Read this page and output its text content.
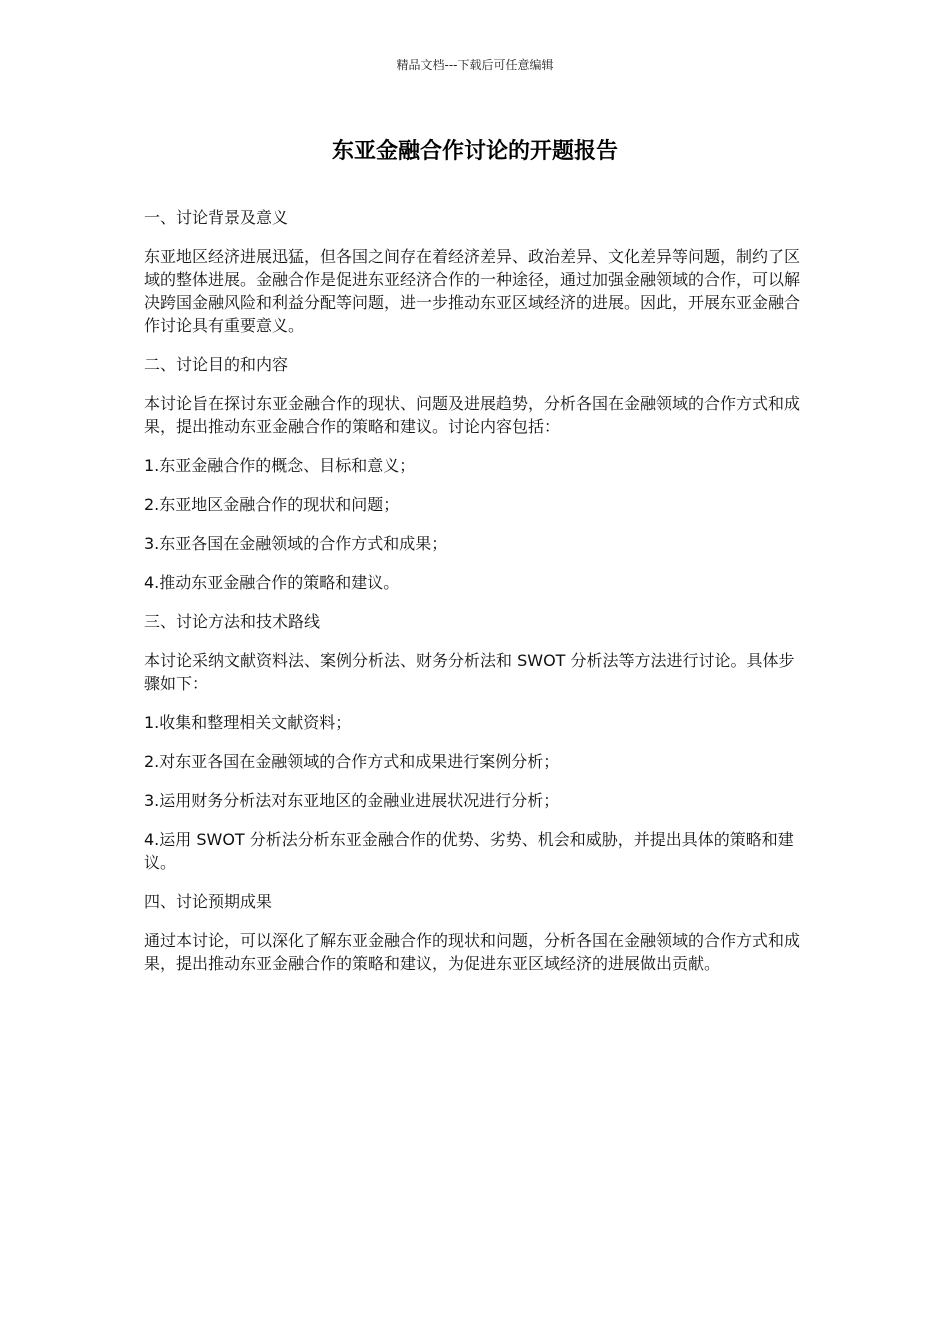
精品文档---下载后可任意编辑
东亚金融合作讨论的开题报告

一、讨论背景及意义

东亚地区经济进展迅猛，但各国之间存在着经济差异、政治差异、文化差异等问题，制约了区域的整体进展。金融合作是促进东亚经济合作的一种途径，通过加强金融领域的合作，可以解决跨国金融风险和利益分配等问题，进一步推动东亚区域经济的进展。因此，开展东亚金融合作讨论具有重要意义。

二、讨论目的和内容

本讨论旨在探讨东亚金融合作的现状、问题及进展趋势，分析各国在金融领域的合作方式和成果，提出推动东亚金融合作的策略和建议。讨论内容包括：

1.东亚金融合作的概念、目标和意义；

2.东亚地区金融合作的现状和问题；

3.东亚各国在金融领域的合作方式和成果；

4.推动东亚金融合作的策略和建议。

三、讨论方法和技术路线

本讨论采纳文献资料法、案例分析法、财务分析法和 SWOT 分析法等方法进行讨论。具体步骤如下：

1.收集和整理相关文献资料；

2.对东亚各国在金融领域的合作方式和成果进行案例分析；

3.运用财务分析法对东亚地区的金融业进展状况进行分析；

4.运用 SWOT 分析法分析东亚金融合作的优势、劣势、机会和威胁，并提出具体的策略和建议。

四、讨论预期成果

通过本讨论，可以深化了解东亚金融合作的现状和问题，分析各国在金融领域的合作方式和成果，提出推动东亚金融合作的策略和建议，为促进东亚区域经济的进展做出贡献。
